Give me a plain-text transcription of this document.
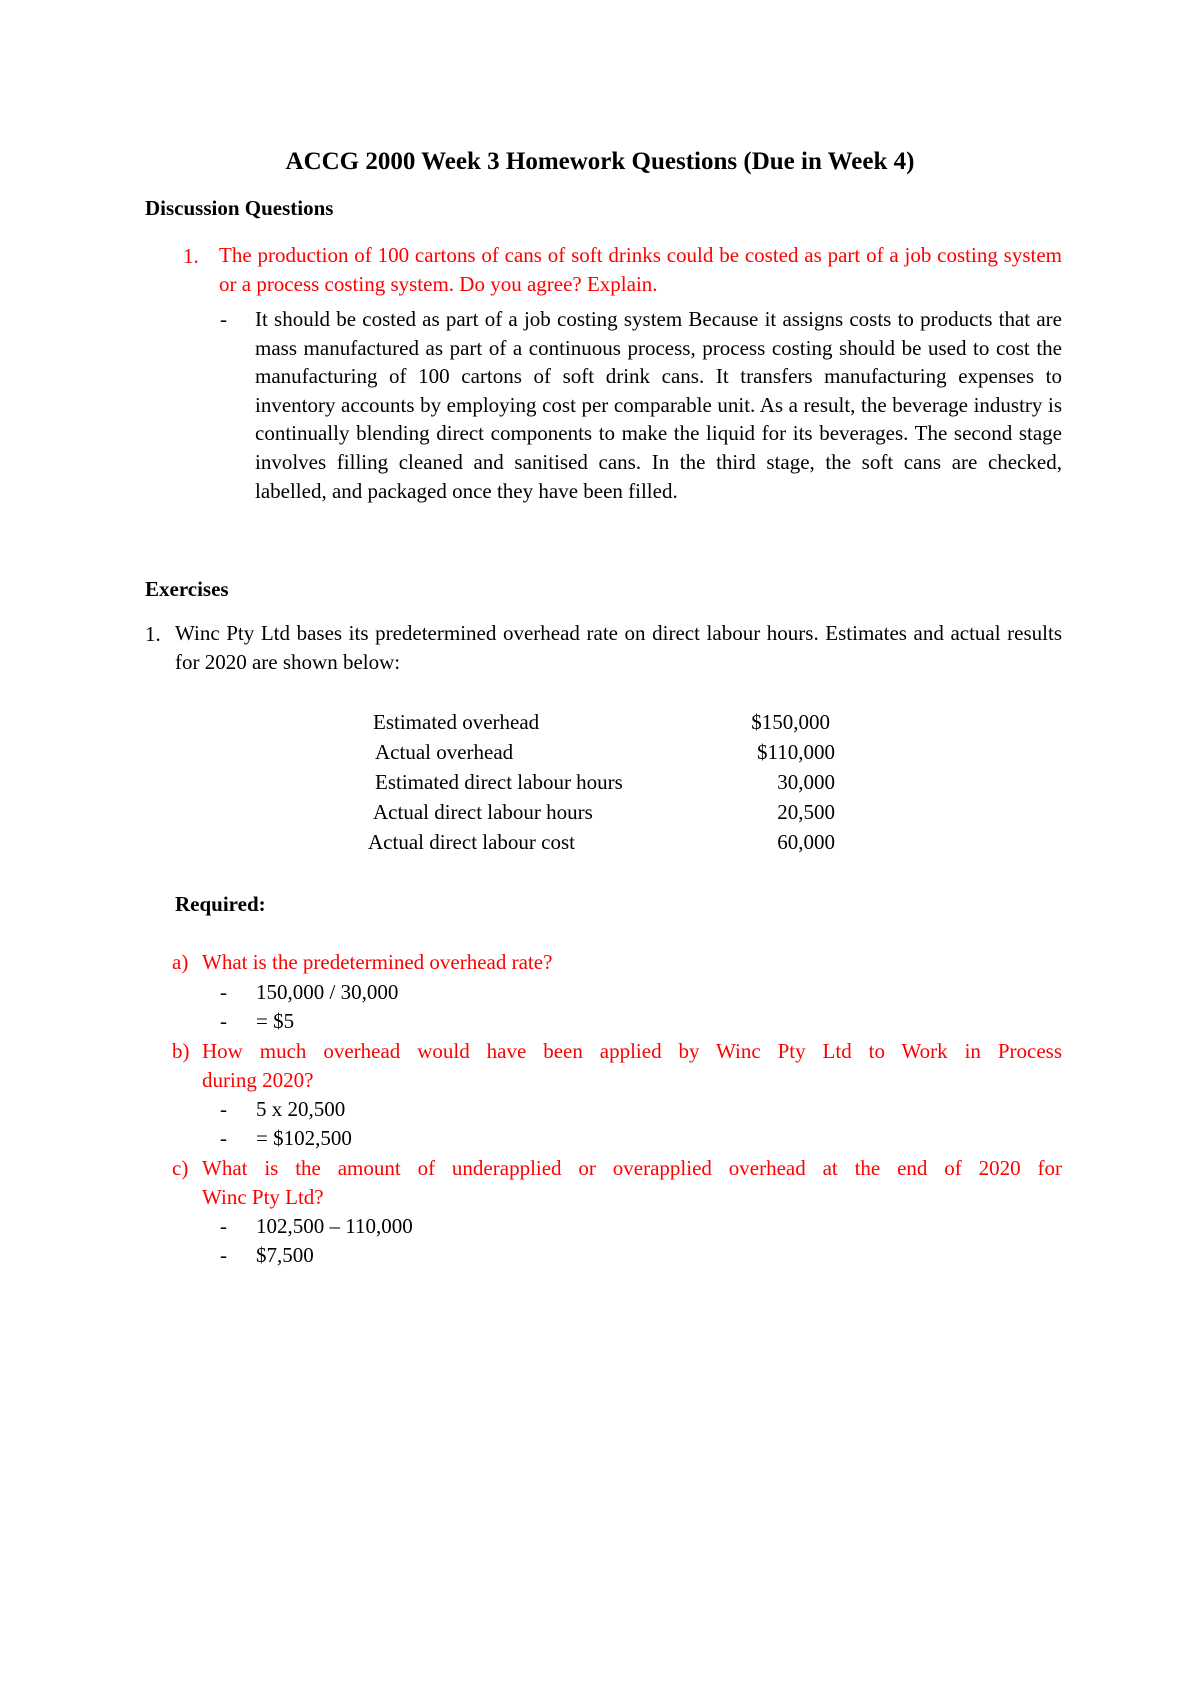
ACCG 2000 Week 3 Homework Questions (Due in Week 4)
Discussion Questions
1. The production of 100 cartons of cans of soft drinks could be costed as part of a job costing system or a process costing system. Do you agree? Explain.
- It should be costed as part of a job costing system Because it assigns costs to products that are mass manufactured as part of a continuous process, process costing should be used to cost the manufacturing of 100 cartons of soft drink cans. It transfers manufacturing expenses to inventory accounts by employing cost per comparable unit. As a result, the beverage industry is continually blending direct components to make the liquid for its beverages. The second stage involves filling cleaned and sanitised cans. In the third stage, the soft cans are checked, labelled, and packaged once they have been filled.
Exercises
1. Winc Pty Ltd bases its predetermined overhead rate on direct labour hours. Estimates and actual results for 2020 are shown below:
Estimated overhead	$150,000
Actual overhead	$110,000
Estimated direct labour hours	30,000
Actual direct labour hours	20,500
Actual direct labour cost	60,000
Required:
a) What is the predetermined overhead rate?
- 150,000 / 30,000
- = $5
b) How much overhead would have been applied by Winc Pty Ltd to Work in Process
during 2020?
- 5 x 20,500
- = $102,500
c) What is the amount of underapplied or overapplied overhead at the end of 2020 for
Winc Pty Ltd?
- 102,500 – 110,000
- $7,500
